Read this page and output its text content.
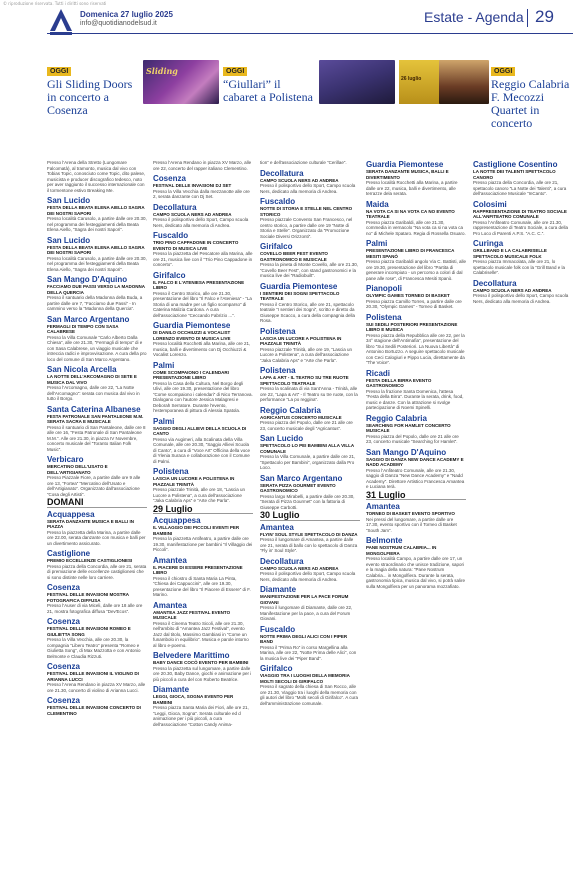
© riproduzione riservata. Tutti i diritti sono riservati
Domenica 27 luglio 2025
info@quotidianodelsud.it	Estate - Agenda 29
OGGI
Gli Sliding Doors in concerto a Cosenza
Sliding	OGGI
“Giullari” il cabaret a Polistena
26 luglio
OGGI
Reggio Calabria F. Mecozzi Quartet in concerto
Presso l'Arena della Stretto (Lungomare Falcomatà), al tramonto, musica dal vivo con Tobias Topic, conosciuto come Topic, dito palese, musicista e producer discografico tedesco, noto per aver raggiunto il successo internazionale con il tormentone estivo Breaking Me.
San Lucido
FESTA DELLA BEATA ELENA AIELLO SAGRA DEI NOSTRI SAPORI
Presso località Carusolo, a partire dalle ore 20.30, nel programma dei festeggiamenti della Beata Elena Aiello, “Sagra dei nostri Sapori”.
San Lucido
FESTA DELLA BEATA ELENA AIELLO SAGRA DEI NOSTRI SAPORI
Presso località Carusolo, a partire dalle ore 20.30, nel programma dei festeggiamenti della Beata Elena Aiello, “Sagra dei nostri Sapori”.
San Mango D'Aquino
FACCIAMO DUE PASSI VERSO LA MADONNA DELLA QUERCIA
Presso il santuario della Madonna della Buda, a partire dalle ore 7, “Facciamo due Passi” - In cammino verso la “Madonna della Quercia”.
San Marco Argentano
FERMAGLI DI TEMPO CON SASA CALABRESE
Presso la Villa Comunale “Carlo Alberto Dalla Chiesa”, alle ore 21.30, “Fermagli di tempo” di e con Sasa Calabrese, un viaggio musicale che intreccia radici e improvvisazione. A cura della pro loco del comune di San Marco Argentano.
San Nicola Arcella
LA NOTTE DELL'ARCOMAGNO DI SETE E MUSICA DAL VIVO
Presso l'Arcomagno, dalle ore 22, “La Notte dell'Arcomagno”: serata con musica dal vivo in tutto il Borgo.
Santa Caterina Albanese
FESTA PATRONALE SAN PANTALEONE M.M. SERATA SACRA E MUSICALE
Presso il santuario di San Pantaleone, dalle ore 8 alle ore 16, “Festa Patronale di San Pantaleone M.M.”. Alle ore 21.30, in piazza IV Novembre, concerto musicale del “Toranto Italian Folk Music”.
Verbicaro
MERCATINO DELL'USATO E DELL'ARTIGIANATO
Presso Piazzale Fiore, a partire dalle ore 9 alle ore 13, “Fortea” “Mercatino dell'Usato e dell'Artigianato”. Organizzato dall'associazione “Cosa degli Artisti”.
DOMANI
Acquappesa
SERATA DANZANTE MUSICA E BALLI IN PIAZZA
Presso la piazzetta della Marina, a partire dalle ore 22.00, serata danzante con musica e balli per un divertimento assicurato.
Castiglione
PREMIO ECCELLENZE CASTIGLIONESI
Presso piazza della Concordia, alle ore 21, serata di premiazione delle eccellenze castiglionesi che si sono distinte nelle loro carriere.
Cosenza
FESTIVAL DELLE INVASIONI MOSTRA FOTOGRAFICA DIFFUSA
Presso l'Auser di via Miceli, dalle ore 18 alle ore 21, mostra fotografica diffusa “Dev'Ecos”.
Cosenza
FESTIVAL DELLE INVASIONI ROMEO E GIULIETTA SONG
Presso la Villa Vecchia, alle ore 20.30, la compagnia “Libero Teatro” presenta “Romeo e Giulietta Song”, di Max Mazzotta e con Antonio Belmonte e Claudia Rizzuti.
Cosenza
FESTIVAL DELLE INVASIONI IL VIOLINO DI ARIANNA LUCCI
Presso l'Arena Rendano in piazza XV Marzo, alle ore 21.30, concerto di violino di Arianna Lucci.
Cosenza
FESTIVAL DELLE INVASIONI CONCERTO DI CLEMENTINO
Presso l'Arena Rendano in piazza XV Marzo, alle ore 22, concerto del rapper italiano Clementino.
Cosenza
FESTIVAL DELLE INVASIONI DJ SET
Presso la Villa Vecchia dalla mezzanotte alle ore 2, serata danzante con Dj Set.
Decollatura
CAMPO SCUOLA NERS AD ANDREA
Presso il polisportivo dello Sport, Campo scuola Ners, dedicato alla memoria di Andrea.
Fuscaldo
TRIO PINO CAPPADONE IN CONCERTO EVENTO DI MUSICA LIVE
Presso la piazzetta del Pescatore alla Marina, alle ore 21, musica live con il “Trio Pino Cappadone in concerto”.
Girifalco
IL FALCO E L'ATENIESA PRESENTAZIONE LIBRO
Presso il Centro Storico, alle ore 21.30, presentazione del libro “Il Falco e l'Ateniesa” - “La Storia di una madre per un figlio scomparso” di Caterina Malizia Cardona. A cura dell'associazione “Ceccando Fabrizio ...”.
Guardia Piemontese
DI DANILO OCCHIUZZI & VOCALIST LORENZO EVENTO DI MUSICA LIVE
Presso località Rocchetti alla Marina, alle ore 21, musica, balli e divertimento con Dj Occhiuzzi & Vocalist Lorenzo.
Palmi
COME SCOMPAIONO I CALENDARI PRESENTAZIONE LIBRO
Presso la Casa della Cultura, Nel Borgo degli Ulivi, alle ore 19.30, presentazione del libro “Come scompaiono i calendari” di Nico Terranova. Dialogano con l'autore Jessica Malagresi e Deborah Serratore. Durante l'evento, l'estemporanea di pittura di Alessia Spatola.
Palmi
SAGGIO DEGLI ALLIEVI DELLA SCUOLA DI CANTO
Presso via Augimeri, alla Scalinata della Villa Comunale, alle ore 20.30, “Saggio Allievi Scuola di Canto”, a cura di “Voce Art” Officina della voce di Ylenia Suraca e collaborazione con il Comune di Palmi.
Polistena
LASCIA UN LUCORE A POLISTENA IN PIAZZALE TRINITÀ
Presso piazzale Trinità, alle ore 18, “Lascia un Lucore a Polistena”, a cura dell'associazione “Jaka Calabria Aps” e “Arte che Parla”.
29 Luglio
Acquappesa
IL VILLAGGIO DEI PICCOLI EVENTI PER BAMBINI
Presso la piazzetta Antifeatro, a partire dalle ore 19.30, manifestazione per bambini “Il Villaggio dei Piccoli”.
Amantea
IL PIACERE DI ESSERE PRESENTAZIONE LIBRO
Presso il chiostro di Santa Maria La Pinta, “Chiesa dei Cappuccini”, alle ore 19.30, presentazione del libro “Il Piacere di Essere” di F. Marino.
Amantea
AMANTEA JAZZ FESTIVAL EVENTO MUSICALE
Presso il Cinema Teatro Sicoli, alle ore 21.30, nell'ambito di “Amantea Jazz Festival”, evento Jazz dal titolo, Massimo Gambiasi in “Come un funambolo in equilibrio”. Musica e parole intorno al libro e-poemo.
Belvedere Marittimo
BABY DANCE COCÒ EVENTO PER BAMBINI
Presso la piazzetta sul lungomare, a partire dalle ore 20.30, Baby Dance, giochi e animazione per i più piccoli a cura del con Roberto Beatrice.
Diamante
LEGGI, GIOCA, SOGNA EVENTO PER BAMBINI
Presso piazza Santa Maria dei Fiori, alle ore 21, “Leggi, Gioca, Sogna”. Serata culturale ed d animazione per i più piccoli, a cura dell'associazione “Cotton Candy Anima-
tion” e dell'associazione culturale “Cerillae”.
Decollatura
CAMPO SCUOLA NERS AD ANDREA
Presso il polisportivo dello Sport, Campo scuola Ners, dedicato alla memoria di Andrea.
Fuscaldo
NOTTE DI STORIA E STELLE NEL CENTRO STORICO
Presso piazzale Convento San Francesco, nel centro storico, a partire dalle ore 19 “Notte di Storia e Stelle”. Organizzato da “Promozione Sociale Diversi Orizzonti”.
Girifalco
COVELLO BEER FEST EVENTO GASTRONOMICO E MUSICALE
Presso la pineta di Monte Covello, alle ore 21.30, “Covello Beer Fest”, con stand gastronomici e la musica live dei “Radiobuilt”.
Guardia Piemontese
I SENTIERI DEI SOGNI SPETTACOLO TEATRALE
Presso il Centro Storico, alle ore 21, spettacolo teatrale “I sentieri dei Sogni”, scritto e diretto da Giuseppe Scacco, a cura della compagnia della Rosa.
Polistena
LASCIA UN LUCORE A POLISTENA IN PIAZZALE TRINITÀ
Presso piazzale Trinità, alle ore 19, “Lascia un Lucore a Polistena”, a cura dell'associazione “Jaka Calabria Aps” e “Arte che Parla”.
Polistena
LAPA & ART - IL TEATRO SU TRE RUOTE SPETTACOLO TEATRALE
Presso la scalinata di via Sant'Anna - Trinità, alle ore 22, “Lapa & Art” - Il Teatro su tre ruote, con la performance “La po reggina”.
Reggio Calabria
AGRICANTUS CONCERTO MUSICALE
Presso piazza del Popolo, dalle ore 21 alle ore 23, concerto musicale degli “Agricantus”.
San Lucido
SPETTACOLO LO PEI BAMBINI ALLA VILLA COMUNALE
Presso la Villa Comunale, a partire dalle ore 21, “Spettacolo per Bambini”, organizzato dalla Pro Loco.
San Marco Argentano
SERATA PIZZA GOURMET EVENTO GASTRONOMICO
Presso largo Mirabelli, a partire dalle ore 20.30, “Serata di Pizza Gourmet” con la fattoria di Giuseppe Carbotti.
30 Luglio
Amantea
FLYIN' SOUL STYLE SPETTACOLO DI DANZA
Presso il lungomare di Amantea, a partire dalle ore 21, serata di ballo con lo spettacolo di Danza “Fly in' Soul Style”.
Decollatura
CAMPO SCUOLA NERS AD ANDREA
Presso il polisportivo dello Sport, Campo scuola Ners, dedicato alla memoria di Andrea.
Diamante
MANIFESTAZIONE PER LA PACE FORUM GIOVANI
Presso il lungomare di Diamante, dalle ore 22, Manifestazione per la pace, a cura del Forum Giovani.
Fuscaldo
NOTTE PRIMA DEGLI ALICI CON I PIPER BAND
Presso il “Prima Ro” in corso Margellina alla Marina, alle ore 22, “Notte Prima delle Alici”, con la musica live dei “Piper Band”.
Girifalco
VIAGGIO TRA I LUOGHI DELLA MEMORIA MOLTI SECOLI DI GIRIFALCO
Presso il sagrato della chiesa di San Rocco, alle ore 21.30, Viaggio tra i luoghi della memoria con gli autori del libro “Molti secoli di Girifalco”. A cura dell'amministrazione comunale.
Guardia Piemontese
SERATA DANZANTE MUSICA, BALLI E DIVERTIMENTO
Presso località Rocchetti alla Marina, a partire dalle ore 22, musica, balli e divertimento, alle terrazze dela serata.
Maida
NA VOTA CA SI NA VOTA CA NO EVENTO TEATRALE
Presso piazza Garibaldi, alle ore 21.30, commedia in vernacolo “Na vota ca si na vota ca no” di Michele Spataro. Regia di Rossella Osuaro.
Palmi
PRESENTAZIONE LIBRO DI FRANCESCA MESITI SPANÒ
Presso piazza Garibaldi angolo Via C. Battisti, alle ore 19.30, presentazione del libro “Partita di generare incompiuto - un percorso a colori di dal pane alle rose”, di Francesca Mesiti Spanò.
Pianopoli
OLYMPIC GAMES TORNEO DI BASKET
Presso piazza Camillo Torres, a partire dalle ore 20.30, “Olympic Games” - Torneo di Basket.
Polistena
SUI SEDILI POSTERIORI PRESENTAZIONE LIBRO E MUSICA
Presso piazza della Repubblica alle ore 22, per la 34° stagione dell'Antimafia”, presentazione del libro “Sui Sedili Posteriori. La Nuova Libertà” di Antonino Bortuzzo. A seguire spettacolo musicale con Ceci Calogiuri e Pippo Lucia, direttamente da “The Voice”.
Ricadi
FESTA DELLA BIRRA EVENTO GASTRONOMICO
Presso la frazione Santa Domenica, l'attesa “Festa della Birra”. Durante la serata, drink, food, music e danze. Con la attrazione si svolge partecipazione di Noemi Spinelli.
Reggio Calabria
SEARCHING FOR HAMLET CONCERTO MUSICALE
Presso piazza del Popolo, dalle ore 21 alle ore 23, concerto musicale “Searching for Hamlet”.
San Mango D'Aquino
SAGGIO DI DANZA NEW DANCE ACADEMY E NADD ACADEMY
Presso l'Anfiteatro Comunale, alle ore 21.30, saggio di Danza “New Dance Academy” e “Nadd Academy”. Direttore Artistico Francesca Amantea e Luciana Ierà.
31 Luglio
Amantea
TORNEO DI BASKET EVENTO SPORTIVO
Nei pressi del lungomare, a partire dalle ore 17.30, evento sportivo con il Torneo di Basket “South Jam”.
Belmonte
PANE NOSTRUM CALABRIA... IN MONGOLFIERA
Presso località Campo, a partire dalle ore 17, un evento straordinario che unisce tradizione, sapori e la magia della natura: “Pane Nostrum Calabria... in Mongolfiera. Durante la serata, gastronomia tipica, musica dal vivo, si potrà salire sulla Mongolfiera per un panorama mozzafiato.
Castiglione Cosentino
LA NOTTE DEI TALENTI SPETTACOLO CANORO
Presso piazza della Concordia, alle ore 21, spettacolo canoro “La Notte dei Talenti”, a cura dell'associazione Musicale “InCanto”.
Colosimi
RAPPRESENTAZIONE DI TEATRO SOCIALE ALL'ANFITEATRO COMUNALE
Presso l'Anfiteatro Comunale, alle ore 21.30, rappresentazione di Teatro Sociale, a cura della Pro Loco di Parenti A.P.S. “A.C. C.”.
Curinga
GRILLBAND E LA CALABRISELLE SPETTACOLO MUSICALE FOLK
Presso piazza Immacolata, alle ore 21, lo spettacolo musicale folk con la “Grill Band e la Calabriselle”.
Decollatura
CAMPO SCUOLA NERS AD ANDREA
Presso il polisportivo dello Sport, Campo scuola Ners, dedicato alla memoria di Andrea.
